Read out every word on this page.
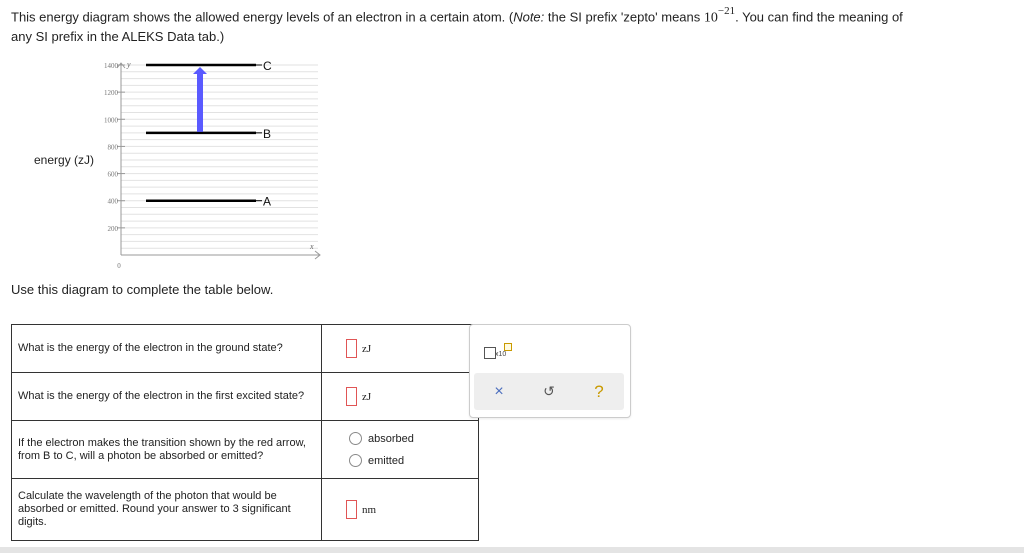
This energy diagram shows the allowed energy levels of an electron in a certain atom. (Note: the SI prefix 'zepto' means $10^{-21}$. You can find the meaning of
any SI prefix in the ALEKS Data tab.)
y
x
0
200
400
600
800
1000
1200
1400
energy (zJ)
A
B
C
Use this diagram to complete the table below.
What is the energy of the electron in the ground state?	zJ
What is the energy of the electron in the first excited state?	zJ
If the electron makes the transition shown by the red arrow, from B to C, will a photon be absorbed or emitted?	absorbed
emitted

Calculate the wavelength of the photon that would be absorbed or emitted. Round your answer to 3 significant digits.	nm
x10
×	↺	?
